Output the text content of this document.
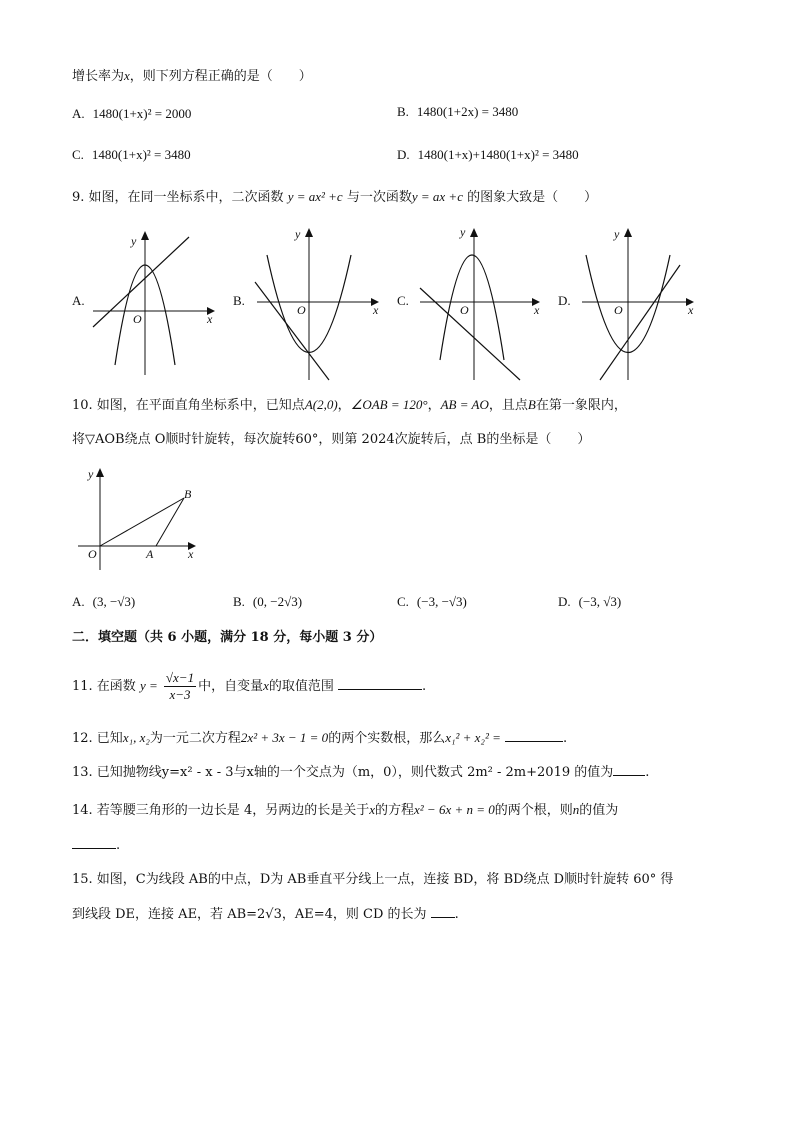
增长率为x，则下列方程正确的是（　　）
A. 1480(1+x)² = 2000	B. 1480(1+2x) = 3480
C. 1480(1+x)² = 3480	D. 1480(1+x)+1480(1+x)² = 3480
9. 如图，在同一坐标系中，二次函数 y = ax² +c 与一次函数y = ax +c 的图象大致是（　　）
A.
y
x
O
B.
y
x
O
C.
y
x
O
D.
y
x
O
10. 如图，在平面直角坐标系中，已知点A(2,0)，∠OAB = 120°，AB = AO，且点B在第一象限内，
将▽AOB绕点 O顺时针旋转，每次旋转60°，则第 2024次旋转后，点 B的坐标是（　　）
y
x
O	A
B
A. (3, −√3)	B. (0, −2√3)	C. (−3, −√3)	D. (−3, √3)
二．填空题（共 6 小题，满分 18 分，每小题 3 分）
11. 在函数 $y = \frac{√x-1}{x-3}$ 中，自变量x的取值范围	.
12. 已知x₁, x₂为一元二次方程2x² + 3x − 1 = 0的两个实数根，那么x₁² + x₂² =	.
13. 已知抛物线y=x² - x - 3与x轴的一个交点为（m，0），则代数式 2m² - 2m+2019 的值为 .
14. 若等腰三角形的一边长是 4，另两边的长是关于x的方程x² − 6x + n = 0的两个根，则n的值为
.
15. 如图，C为线段 AB的中点，D为 AB垂直平分线上一点，连接 BD，将 BD绕点 D顺时针旋转 60° 得
到线段 DE，连接 AE，若 AB=2√3，AE=4，则 CD 的长为 .
